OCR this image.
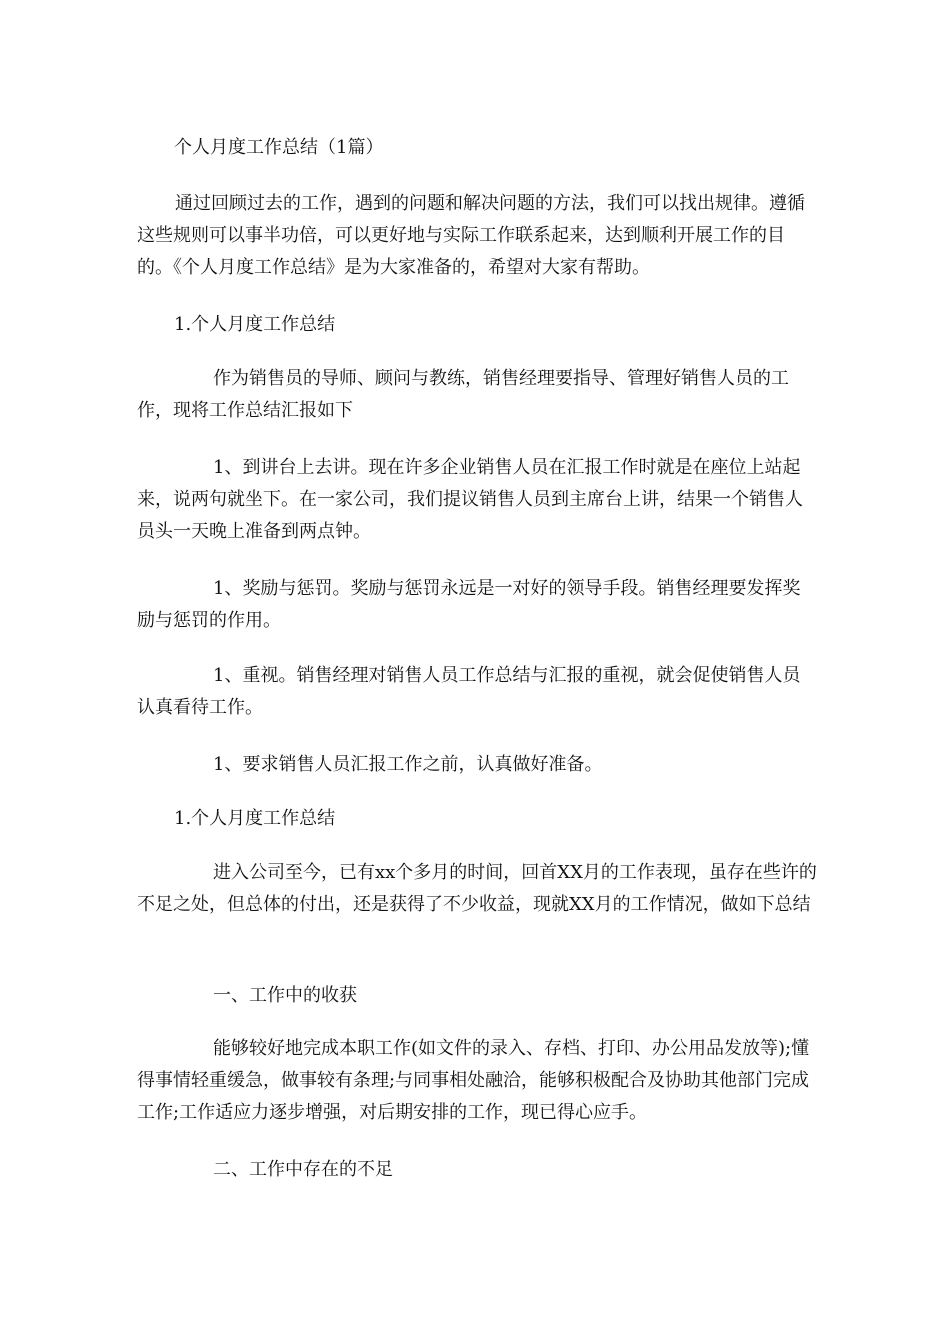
个人月度工作总结（1篇）

通过回顾过去的工作，遇到的问题和解决问题的方法，我们可以找出规律。遵循这些规则可以事半功倍，可以更好地与实际工作联系起来，达到顺利开展工作的目的。《个人月度工作总结》是为大家准备的，希望对大家有帮助。

1.个人月度工作总结

作为销售员的导师、顾问与教练，销售经理要指导、管理好销售人员的工作，现将工作总结汇报如下

1、到讲台上去讲。现在许多企业销售人员在汇报工作时就是在座位上站起来，说两句就坐下。在一家公司，我们提议销售人员到主席台上讲，结果一个销售人员头一天晚上准备到两点钟。

1、奖励与惩罚。奖励与惩罚永远是一对好的领导手段。销售经理要发挥奖励与惩罚的作用。

1、重视。销售经理对销售人员工作总结与汇报的重视，就会促使销售人员认真看待工作。

1、要求销售人员汇报工作之前，认真做好准备。

1.个人月度工作总结

进入公司至今，已有xx个多月的时间，回首XX月的工作表现，虽存在些许的不足之处，但总体的付出，还是获得了不少收益，现就XX月的工作情况，做如下总结

一、工作中的收获

能够较好地完成本职工作(如文件的录入、存档、打印、办公用品发放等);懂得事情轻重缓急，做事较有条理;与同事相处融洽，能够积极配合及协助其他部门完成工作;工作适应力逐步增强，对后期安排的工作，现已得心应手。

二、工作中存在的不足
